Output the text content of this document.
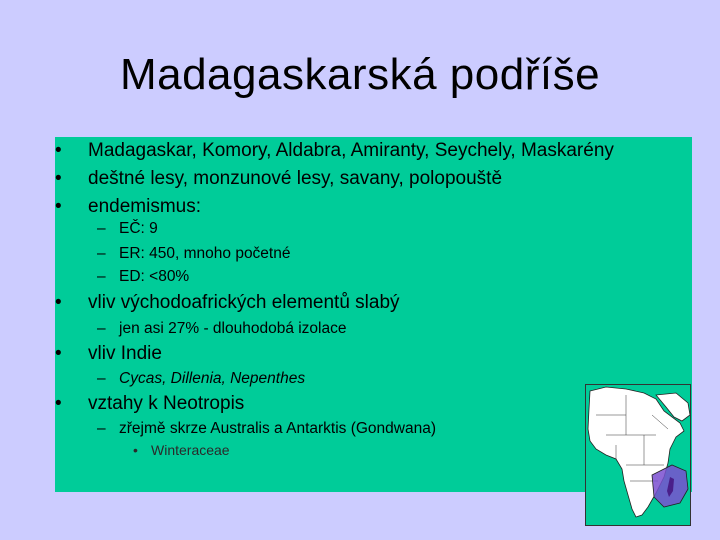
Madagaskarská podříše
• Madagaskar, Komory, Aldabra, Amiranty, Seychely, Maskarény
• deštné lesy, monzunové lesy, savany, polopouště
• endemismus:
– EČ: 9
– ER: 450, mnoho početné
– ED: <80%
• vliv východoafrických elementů slabý
– jen asi 27% - dlouhodobá izolace
• vliv Indie
– Cycas, Dillenia, Nepenthes
• vztahy k Neotropis
– zřejmě skrze Australis a Antarktis (Gondwana)
• Winteraceae
